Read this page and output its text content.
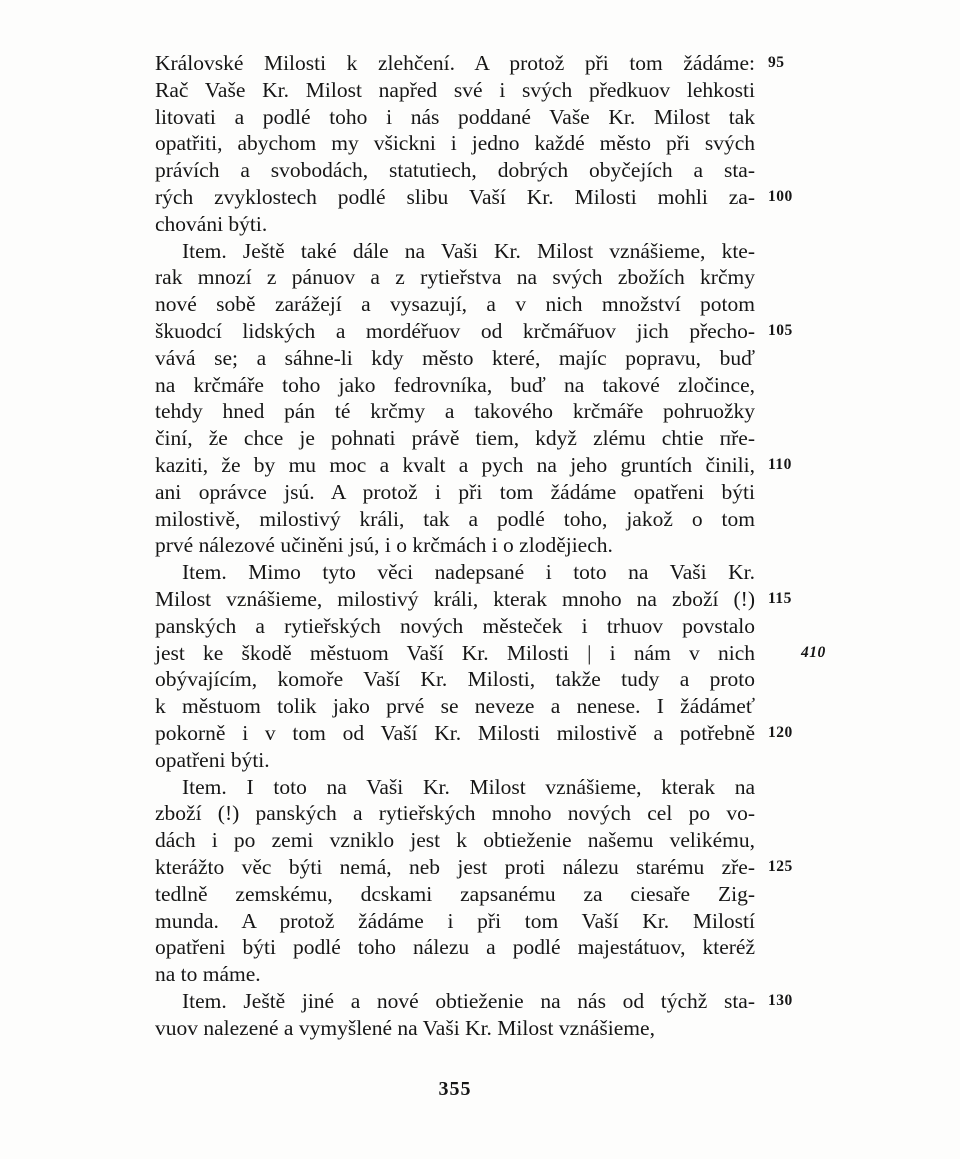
Královské Milosti k zlehčení. A protož při tom žádáme: 95
Rač Vaše Kr. Milost napřed své i svých předkuov lehkosti
litovati a podlé toho i nás poddané Vaše Kr. Milost tak
opatřiti, abychom my všickni i jedno každé město při svých
právích a svobodách, statutiech, dobrých obyčejích a sta-
rých zvyklostech podlé slibu Vaší Kr. Milosti mohli za- 100
chováni býti.
Item. Ještě také dále na Vaši Kr. Milost vznášieme, kte-
rak mnozí z pánuov a z rytieřstva na svých zbožích krčmy
nové sobě zarážejí a vysazují, a v nich množství potom
škuodcí lidských a mordéřuov od krčmářuov jich přecho- 105
vává se; a sáhne-li kdy město které, majíc popravu, buď
na krčmáře toho jako fedrovníka, buď na takové zločince,
tehdy hned pán té krčmy a takového krčmáře pohruožky
činí, že chce je pohnati právě tiem, když zlému chtie пře-
kaziti, že by mu moc a kvalt a pych na jeho gruntích činili, 110
ani oprávce jsú. A protož i při tom žádáme opatřeni býti
milostivě, milostivý králi, tak a podlé toho, jakož o tom
prvé nálezové učiněni jsú, i o krčmách i o zlodějiech.
Item. Mimo tyto věci nadepsané i toto na Vaši Kr.
Milost vznášieme, milostivý králi, kterak mnoho na zboží (!) 115
panských a rytieřských nových městeček i trhuov povstalo
jest ke škodě městuom Vaší Kr. Milosti | i nám v nich	410
obývajícím, komoře Vaší Kr. Milosti, takže tudy a proto
k městuom tolik jako prvé se neveze a nenese. I žádámeť
pokorně i v tom od Vaší Kr. Milosti milostivě a potřebně 120
opatřeni býti.
Item. I toto na Vaši Kr. Milost vznášieme, kterak na
zboží (!) panských a rytieřských mnoho nových cel po vo-
dách i po zemi vzniklo jest k obtieženie našemu velikému,
kterážto věc býti nemá, neb jest proti nálezu starému zře- 125
tedlně zemskému, dcskami zapsanému za ciesaře Zig-
munda. A protož žádáme i při tom Vaší Kr. Milostí
opatřeni býti podlé toho nálezu a podlé majestátuov, kteréž
na to máme.
Item. Ještě jiné a nové obtieženie na nás od týchž sta- 130
vuov nalezené a vymyšlené na Vaši Kr. Milost vznášieme,
355
